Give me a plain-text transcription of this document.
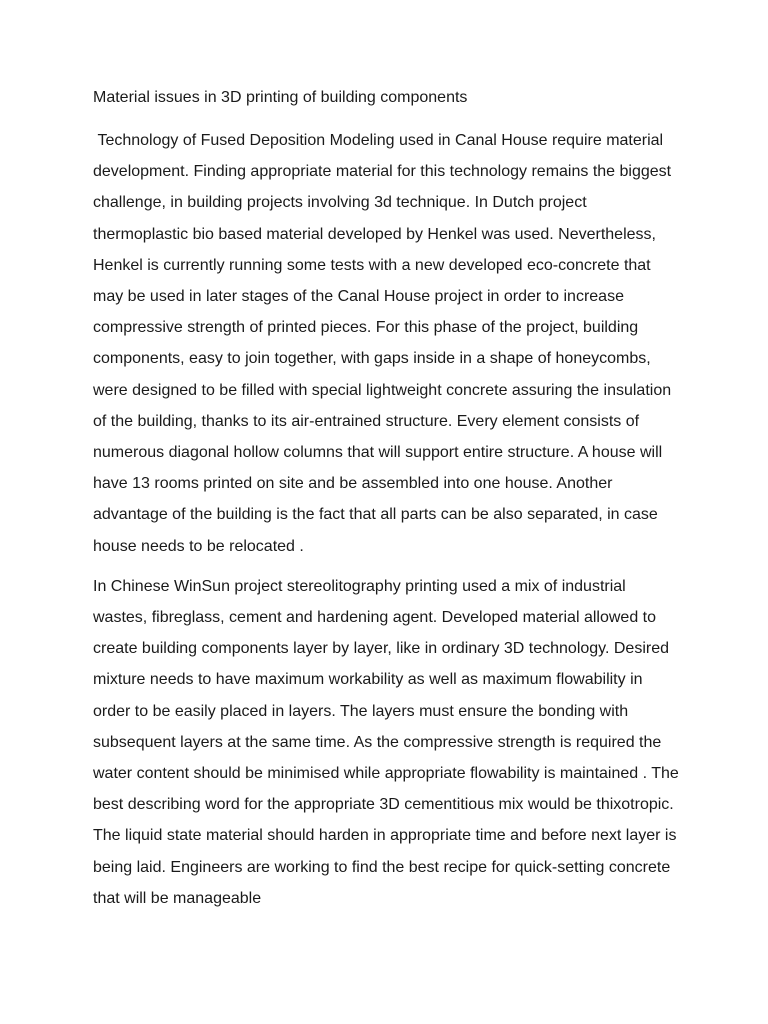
Material issues in 3D printing of building components

Technology of Fused Deposition Modeling used in Canal House require material development. Finding appropriate material for this technology remains the biggest challenge, in building projects involving 3d technique. In Dutch project thermoplastic bio based material developed by Henkel was used. Nevertheless, Henkel is currently running some tests with a new developed eco-concrete that may be used in later stages of the Canal House project in order to increase compressive strength of printed pieces. For this phase of the project, building components, easy to join together, with gaps inside in a shape of honeycombs, were designed to be filled with special lightweight concrete assuring the insulation of the building, thanks to its air-entrained structure. Every element consists of numerous diagonal hollow columns that will support entire structure. A house will have 13 rooms printed on site and be assembled into one house. Another advantage of the building is the fact that all parts can be also separated, in case house needs to be relocated .

In Chinese WinSun project stereolitography printing used a mix of industrial wastes, fibreglass, cement and hardening agent. Developed material allowed to create building components layer by layer, like in ordinary 3D technology. Desired mixture needs to have maximum workability as well as maximum flowability in order to be easily placed in layers. The layers must ensure the bonding with subsequent layers at the same time. As the compressive strength is required the water content should be minimised while appropriate flowability is maintained . The best describing word for the appropriate 3D cementitious mix would be thixotropic. The liquid state material should harden in appropriate time and before next layer is being laid. Engineers are working to find the best recipe for quick-setting concrete that will be manageable
